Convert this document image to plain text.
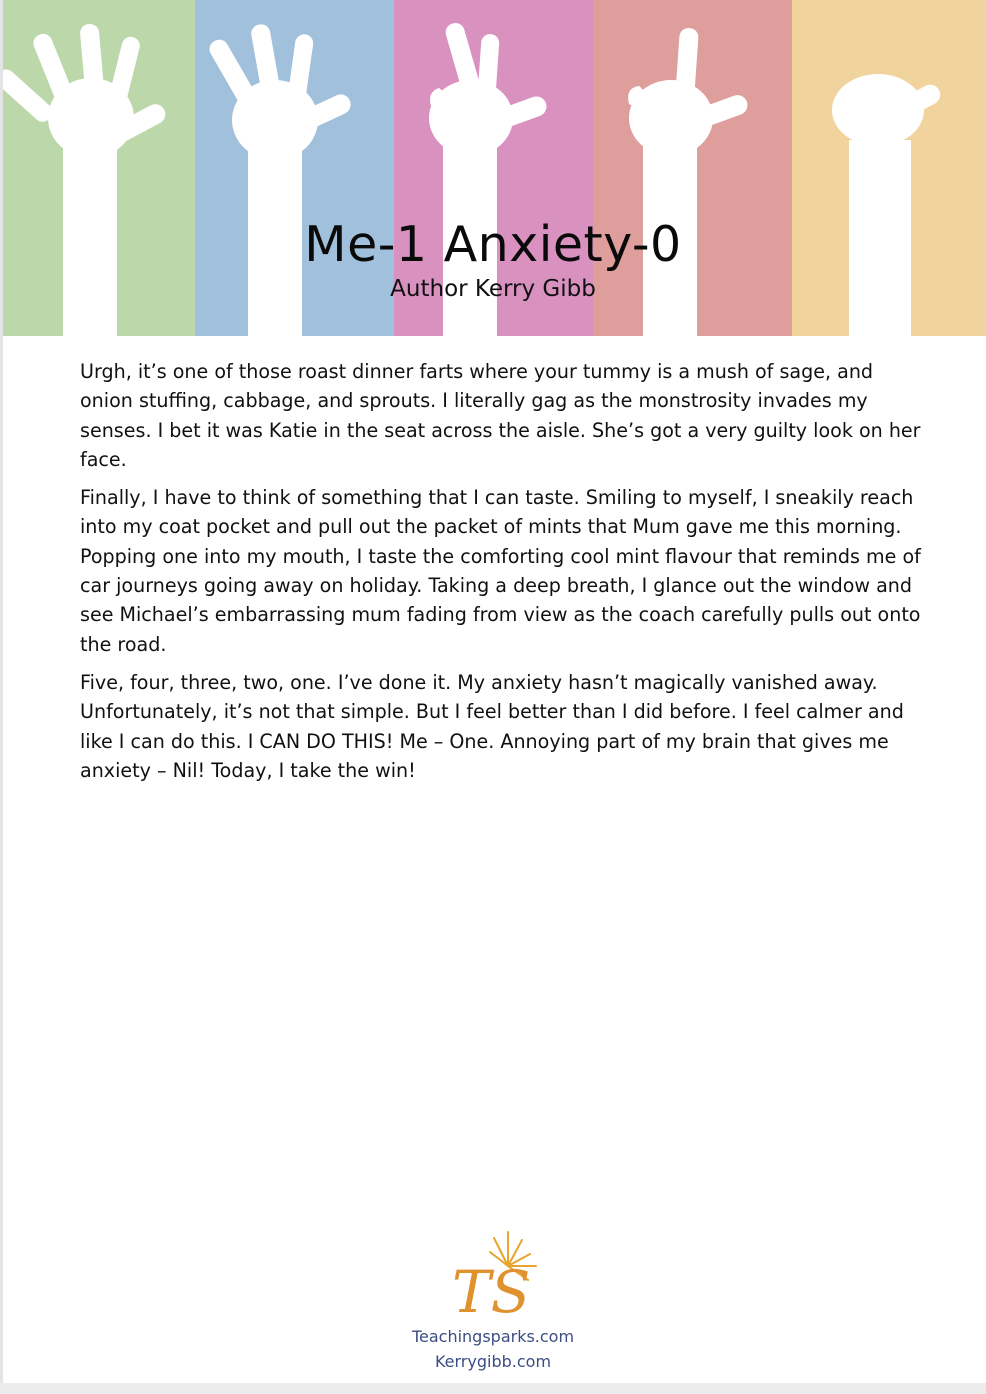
Me-1 Anxiety-0
Author Kerry Gibb

Urgh, it’s one of those roast dinner farts where your tummy is a mush of sage, and onion stuffing, cabbage, and sprouts. I literally gag as the monstrosity invades my senses. I bet it was Katie in the seat across the aisle. She’s got a very guilty look on her face.

Finally, I have to think of something that I can taste. Smiling to myself, I sneakily reach into my coat pocket and pull out the packet of mints that Mum gave me this morning. Popping one into my mouth, I taste the comforting cool mint flavour that reminds me of car journeys going away on holiday. Taking a deep breath, I glance out the window and see Michael’s embarrassing mum fading from view as the coach carefully pulls out onto the road.

Five, four, three, two, one. I’ve done it. My anxiety hasn’t magically vanished away. Unfortunately, it’s not that simple. But I feel better than I did before. I feel calmer and like I can do this. I CAN DO THIS! Me – One. Annoying part of my brain that gives me anxiety – Nil! Today, I take the win!

TS
Teachingsparks.com
Kerrygibb.com
